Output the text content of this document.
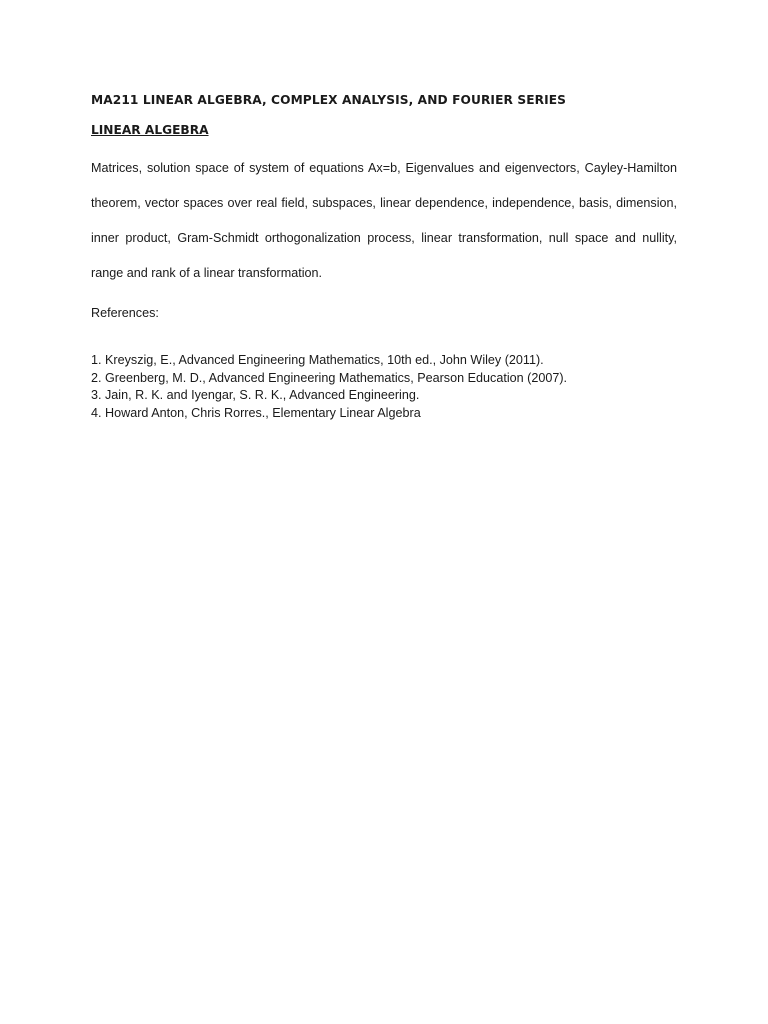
MA211 LINEAR ALGEBRA, COMPLEX ANALYSIS, AND FOURIER SERIES
LINEAR ALGEBRA

Matrices, solution space of system of equations Ax=b, Eigenvalues and eigenvectors, Cayley-Hamilton theorem, vector spaces over real field, subspaces, linear dependence, independence, basis, dimension, inner product, Gram-Schmidt orthogonalization process, linear transformation, null space and nullity, range and rank of a linear transformation.

References:

1. Kreyszig, E., Advanced Engineering Mathematics, 10th ed., John Wiley (2011).
2. Greenberg, M. D., Advanced Engineering Mathematics, Pearson Education (2007).
3. Jain, R. K. and Iyengar, S. R. K., Advanced Engineering.
4. Howard Anton, Chris Rorres., Elementary Linear Algebra
